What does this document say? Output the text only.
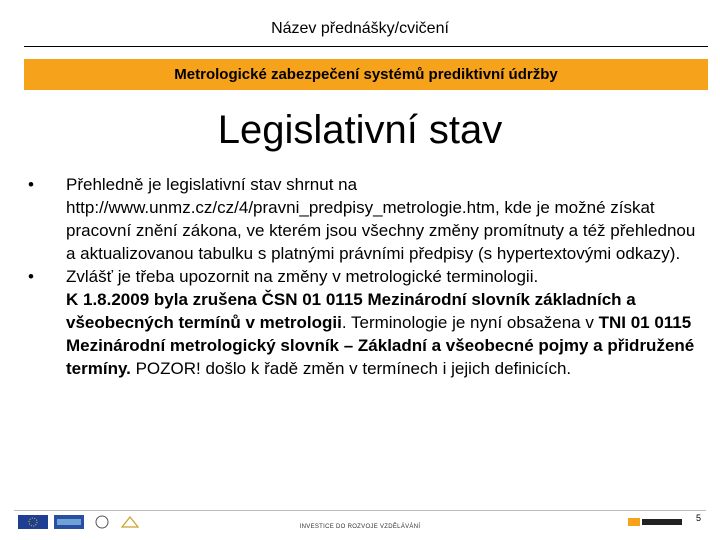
Název přednášky/cvičení
Metrologické zabezpečení systémů prediktivní údržby
Legislativní stav
•	Přehledně je legislativní stav shrnut na http://www.unmz.cz/cz/4/pravni_predpisy_metrologie.htm, kde je možné získat pracovní znění zákona, ve kterém jsou všechny změny promítnuty a též přehlednou a aktualizovanou tabulku s platnými právními předpisy (s hypertextovými odkazy).
•	Zvlášť je třeba upozornit na změny v metrologické terminologii.
K 1.8.2009 byla zrušena ČSN 01 0115 Mezinárodní slovník základních a všeobecných termínů v metrologii. Terminologie je nyní obsažena v TNI 01 0115 Mezinárodní metrologický slovník – Základní a všeobecné pojmy a přidružené termíny. POZOR! došlo k řadě změn v termínech i jejich definicích.
INVESTICE DO ROZVOJE VZDĚLÁVÁNÍ
5
